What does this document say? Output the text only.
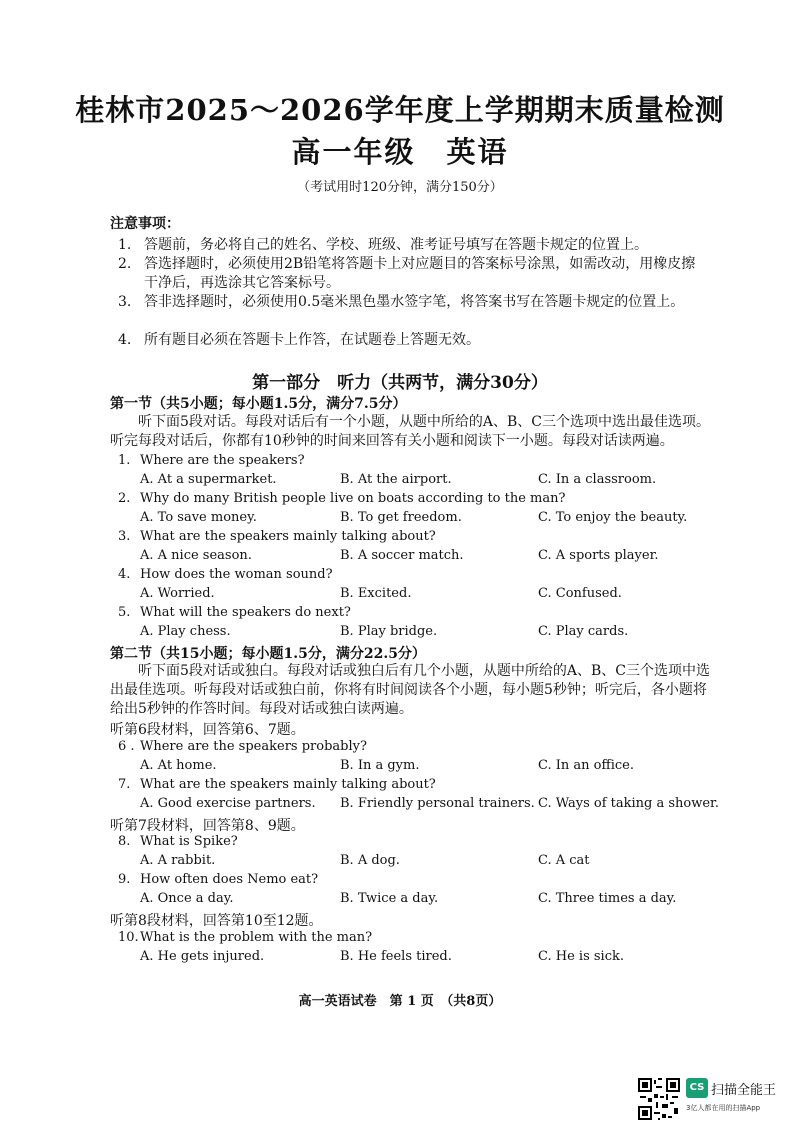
桂林市2025～2026学年度上学期期末质量检测
高一年级　英语
（考试用时120分钟，满分150分）
注意事项：
1. 答题前，务必将自己的姓名、学校、班级、准考证号填写在答题卡规定的位置上。
2. 答选择题时，必须使用2B铅笔将答题卡上对应题目的答案标号涂黑，如需改动，用橡皮擦干净后，再选涂其它答案标号。
3. 答非选择题时，必须使用0.5毫米黑色墨水签字笔，将答案书写在答题卡规定的位置上。
4. 所有题目必须在答题卡上作答，在试题卷上答题无效。
第一部分　听力（共两节，满分30分）
第一节（共5小题；每小题1.5分，满分7.5分）
　　听下面5段对话。每段对话后有一个小题，从题中所给的A、B、C三个选项中选出最佳选项。听完每段对话后，你都有10秒钟的时间来回答有关小题和阅读下一小题。每段对话读两遍。
1. Where are the speakers?
A. At a supermarket.	B. At the airport.	C. In a classroom.
2. Why do many British people live on boats according to the man?
A. To save money.	B. To get freedom.	C. To enjoy the beauty.
3. What are the speakers mainly talking about?
A. A nice season.	B. A soccer match.	C. A sports player.
4. How does the woman sound?
A. Worried.	B. Excited.	C. Confused.
5. What will the speakers do next?
A. Play chess.	B. Play bridge.	C. Play cards.
第二节（共15小题；每小题1.5分，满分22.5分）
　　听下面5段对话或独白。每段对话或独白后有几个小题，从题中所给的A、B、C三个选项中选出最佳选项。听每段对话或独白前，你将有时间阅读各个小题，每小题5秒钟；听完后，各小题将给出5秒钟的作答时间。每段对话或独白读两遍。
听第6段材料，回答第6、7题。
6 . Where are the speakers probably?
A. At home.	B. In a gym.	C. In an office.
7. What are the speakers mainly talking about?
A. Good exercise partners. B. Friendly personal trainers. C. Ways of taking a shower.
听第7段材料，回答第8、9题。
8. What is Spike?
A. A rabbit.	B. A dog.	C. A cat
9. How often does Nemo eat?
A. Once a day.	B. Twice a day.	C. Three times a day.
听第8段材料，回答第10至12题。
10.What is the problem with the man?
A. He gets injured.	B. He feels tired.	C. He is sick.
高一英语试卷　第 1 页　（共8页）
CS 扫描全能王
3亿人都在用的扫描App
